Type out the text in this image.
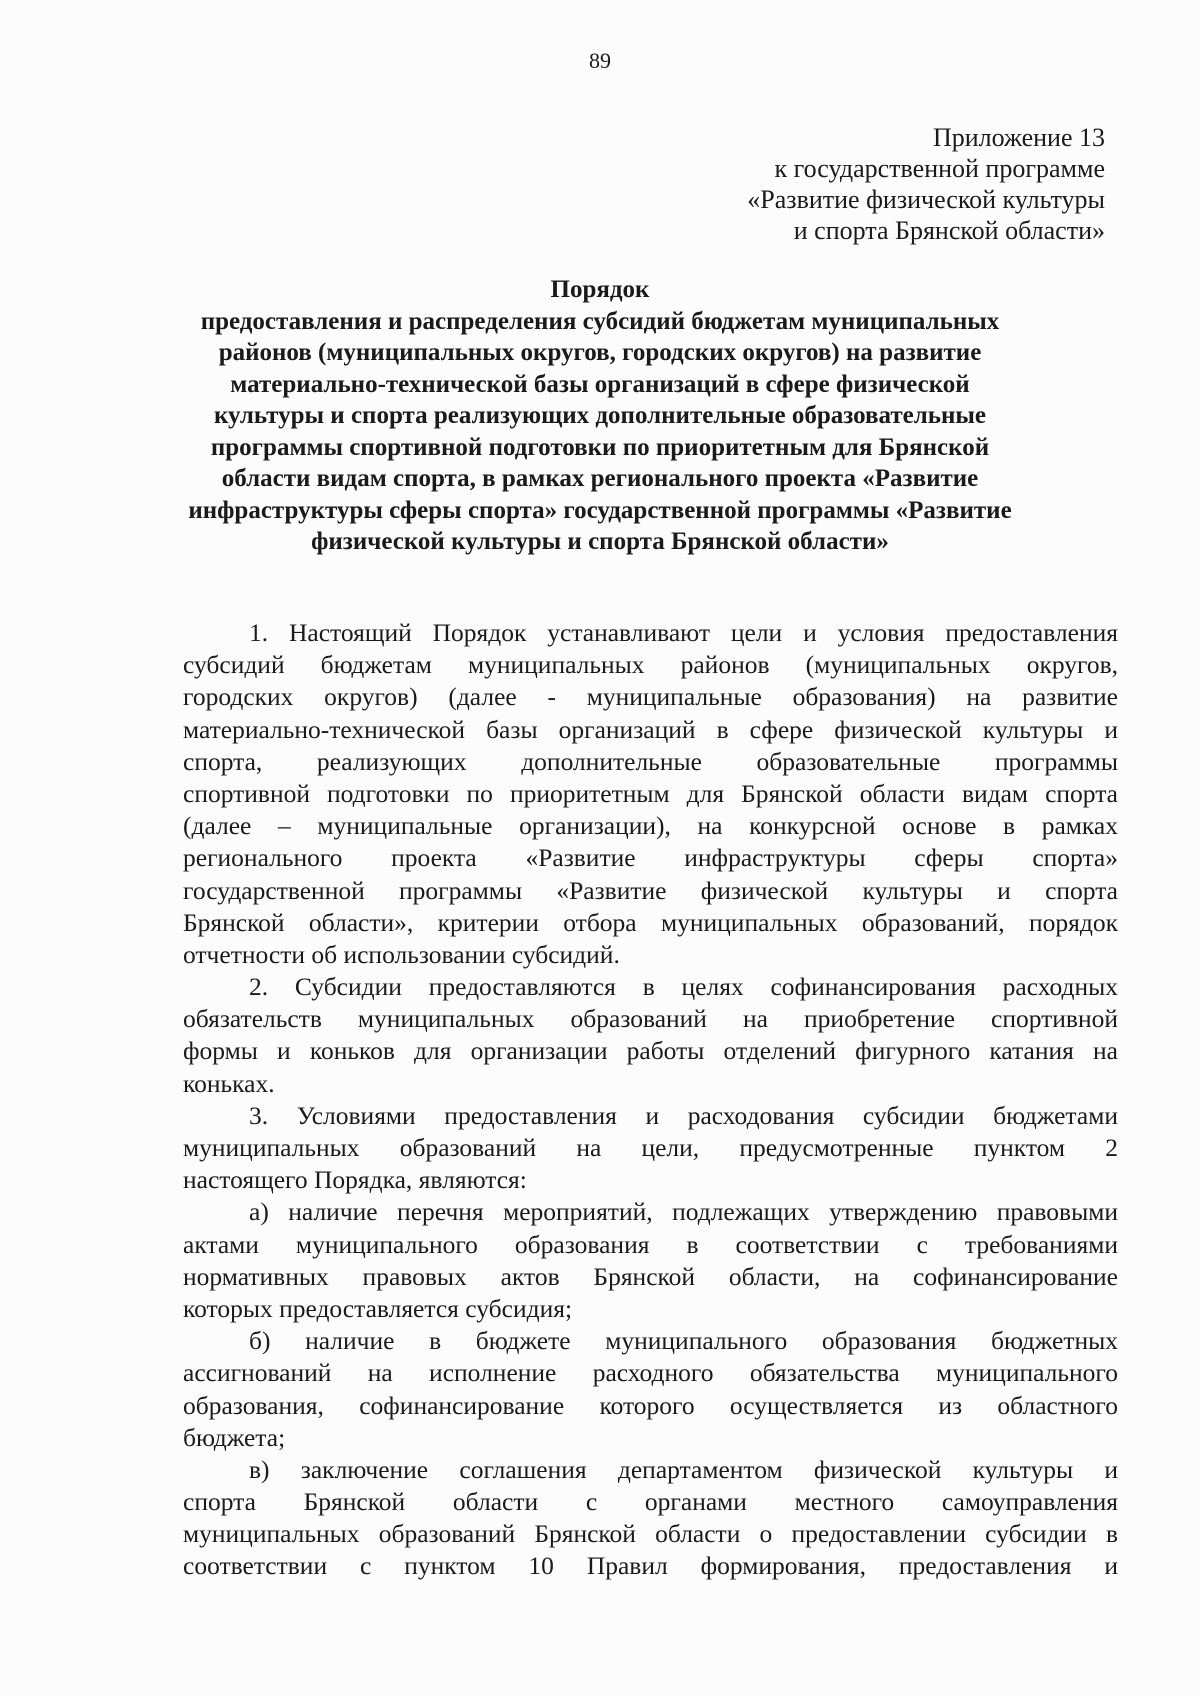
89
Приложение 13
к государственной программе
«Развитие физической культуры
и спорта Брянской области»
Порядок
предоставления и распределения субсидий бюджетам муниципальных
районов (муниципальных округов, городских округов) на развитие
материально-технической базы организаций в сфере физической
культуры и спорта реализующих дополнительные образовательные
программы спортивной подготовки по приоритетным для Брянской
области видам спорта, в рамках регионального проекта «Развитие
инфраструктуры сферы спорта» государственной программы «Развитие
физической культуры и спорта Брянской области»
1. Настоящий Порядок устанавливают цели и условия предоставления
субсидий бюджетам муниципальных районов (муниципальных округов,
городских округов) (далее - муниципальные образования) на развитие
материально-технической базы организаций в сфере физической культуры и
спорта, реализующих дополнительные образовательные программы
спортивной подготовки по приоритетным для Брянской области видам спорта
(далее – муниципальные организации), на конкурсной основе в рамках
регионального проекта «Развитие инфраструктуры сферы спорта»
государственной программы «Развитие физической культуры и спорта
Брянской области», критерии отбора муниципальных образований, порядок
отчетности об использовании субсидий.
2. Субсидии предоставляются в целях софинансирования расходных
обязательств муниципальных образований на приобретение спортивной
формы и коньков для организации работы отделений фигурного катания на
коньках.
3. Условиями предоставления и расходования субсидии бюджетами
муниципальных образований на цели, предусмотренные пунктом 2
настоящего Порядка, являются:
а) наличие перечня мероприятий, подлежащих утверждению правовыми
актами муниципального образования в соответствии с требованиями
нормативных правовых актов Брянской области, на софинансирование
которых предоставляется субсидия;
б) наличие в бюджете муниципального образования бюджетных
ассигнований на исполнение расходного обязательства муниципального
образования, софинансирование которого осуществляется из областного
бюджета;
в) заключение соглашения департаментом физической культуры и
спорта Брянской области с органами местного самоуправления
муниципальных образований Брянской области о предоставлении субсидии в
соответствии с пунктом 10 Правил формирования, предоставления и
